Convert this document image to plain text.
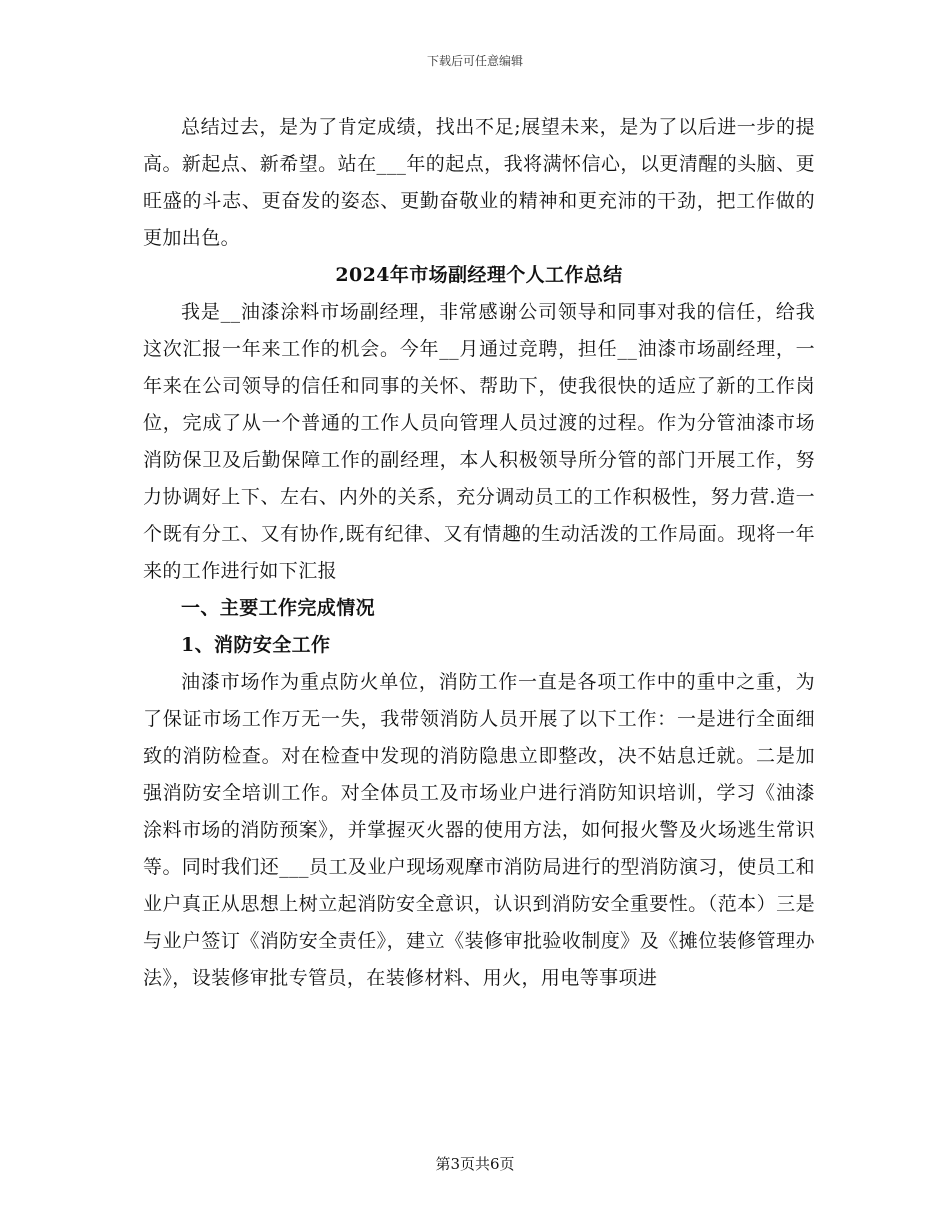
下载后可任意编辑

总结过去，是为了肯定成绩，找出不足;展望未来，是为了以后进一步的提高。新起点、新希望。站在___年的起点，我将满怀信心，以更清醒的头脑、更旺盛的斗志、更奋发的姿态、更勤奋敬业的精神和更充沛的干劲，把工作做的更加出色。

2024年市场副经理个人工作总结

我是__油漆涂料市场副经理，非常感谢公司领导和同事对我的信任，给我这次汇报一年来工作的机会。今年__月通过竞聘，担任__油漆市场副经理，一年来在公司领导的信任和同事的关怀、帮助下，使我很快的适应了新的工作岗位，完成了从一个普通的工作人员向管理人员过渡的过程。作为分管油漆市场消防保卫及后勤保障工作的副经理，本人积极领导所分管的部门开展工作，努力协调好上下、左右、内外的关系，充分调动员工的工作积极性，努力营.造一个既有分工、又有协作,既有纪律、又有情趣的生动活泼的工作局面。现将一年来的工作进行如下汇报

一、主要工作完成情况
1、消防安全工作

油漆市场作为重点防火单位，消防工作一直是各项工作中的重中之重，为了保证市场工作万无一失，我带领消防人员开展了以下工作：一是进行全面细致的消防检查。对在检查中发现的消防隐患立即整改，决不姑息迁就。二是加强消防安全培训工作。对全体员工及市场业户进行消防知识培训，学习《油漆涂料市场的消防预案》，并掌握灭火器的使用方法，如何报火警及火场逃生常识等。同时我们还___员工及业户现场观摩市消防局进行的型消防演习，使员工和业户真正从思想上树立起消防安全意识，认识到消防安全重要性。（范本）三是与业户签订《消防安全责任》，建立《装修审批验收制度》及《摊位装修管理办法》，设装修审批专管员，在装修材料、用火，用电等事项进

第3页共6页
